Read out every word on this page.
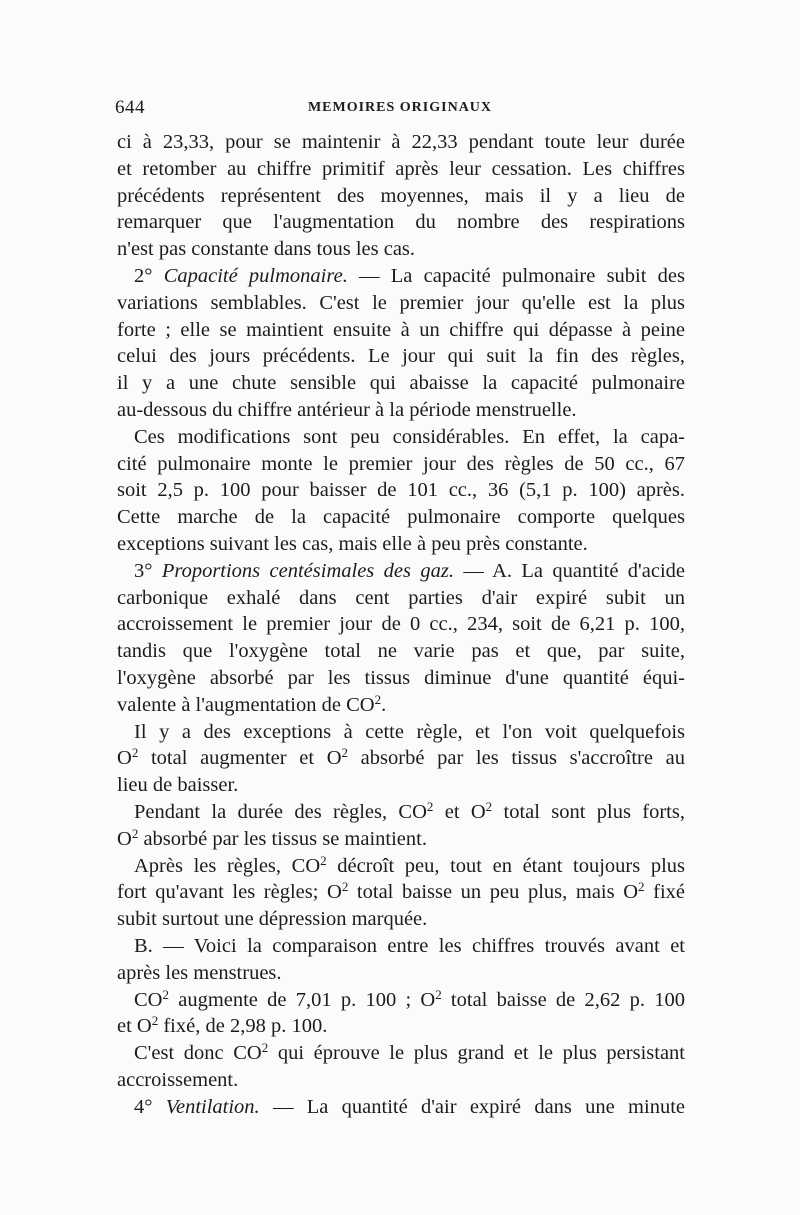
644	MEMOIRES ORIGINAUX
ci à 23,33, pour se maintenir à 22,33 pendant toute leur durée
et retomber au chiffre primitif après leur cessation. Les chiffres
précédents représentent des moyennes, mais il y a lieu de
remarquer que l'augmentation du nombre des respirations
n'est pas constante dans tous les cas.
2° Capacité pulmonaire. — La capacité pulmonaire subit des
variations semblables. C'est le premier jour qu'elle est la plus
forte ; elle se maintient ensuite à un chiffre qui dépasse à peine
celui des jours précédents. Le jour qui suit la fin des règles,
il y a une chute sensible qui abaisse la capacité pulmonaire
au-dessous du chiffre antérieur à la période menstruelle.
Ces modifications sont peu considérables. En effet, la capa-
cité pulmonaire monte le premier jour des règles de 50 cc., 67
soit 2,5 p. 100 pour baisser de 101 cc., 36 (5,1 p. 100) après.
Cette marche de la capacité pulmonaire comporte quelques
exceptions suivant les cas, mais elle à peu près constante.
3° Proportions centésimales des gaz. — A. La quantité d'acide
carbonique exhalé dans cent parties d'air expiré subit un
accroissement le premier jour de 0 cc., 234, soit de 6,21 p. 100,
tandis que l'oxygène total ne varie pas et que, par suite,
l'oxygène absorbé par les tissus diminue d'une quantité équi-
valente à l'augmentation de $CO^2$.
Il y a des exceptions à cette règle, et l'on voit quelquefois
$O^2$ total augmenter et $O^2$ absorbé par les tissus s'accroître au
lieu de baisser.
Pendant la durée des règles, $CO^2$ et $O^2$ total sont plus forts,
$O^2$ absorbé par les tissus se maintient.
Après les règles, $CO^2$ décroît peu, tout en étant toujours plus
fort qu'avant les règles; $O^2$ total baisse un peu plus, mais $O^2$ fixé
subit surtout une dépression marquée.
B. — Voici la comparaison entre les chiffres trouvés avant et
après les menstrues.
$CO^2$ augmente de 7,01 p. 100 ; $O^2$ total baisse de 2,62 p. 100
et $O^2$ fixé, de 2,98 p. 100.
C'est donc $CO^2$ qui éprouve le plus grand et le plus persistant
accroissement.
4° Ventilation. — La quantité d'air expiré dans une minute
